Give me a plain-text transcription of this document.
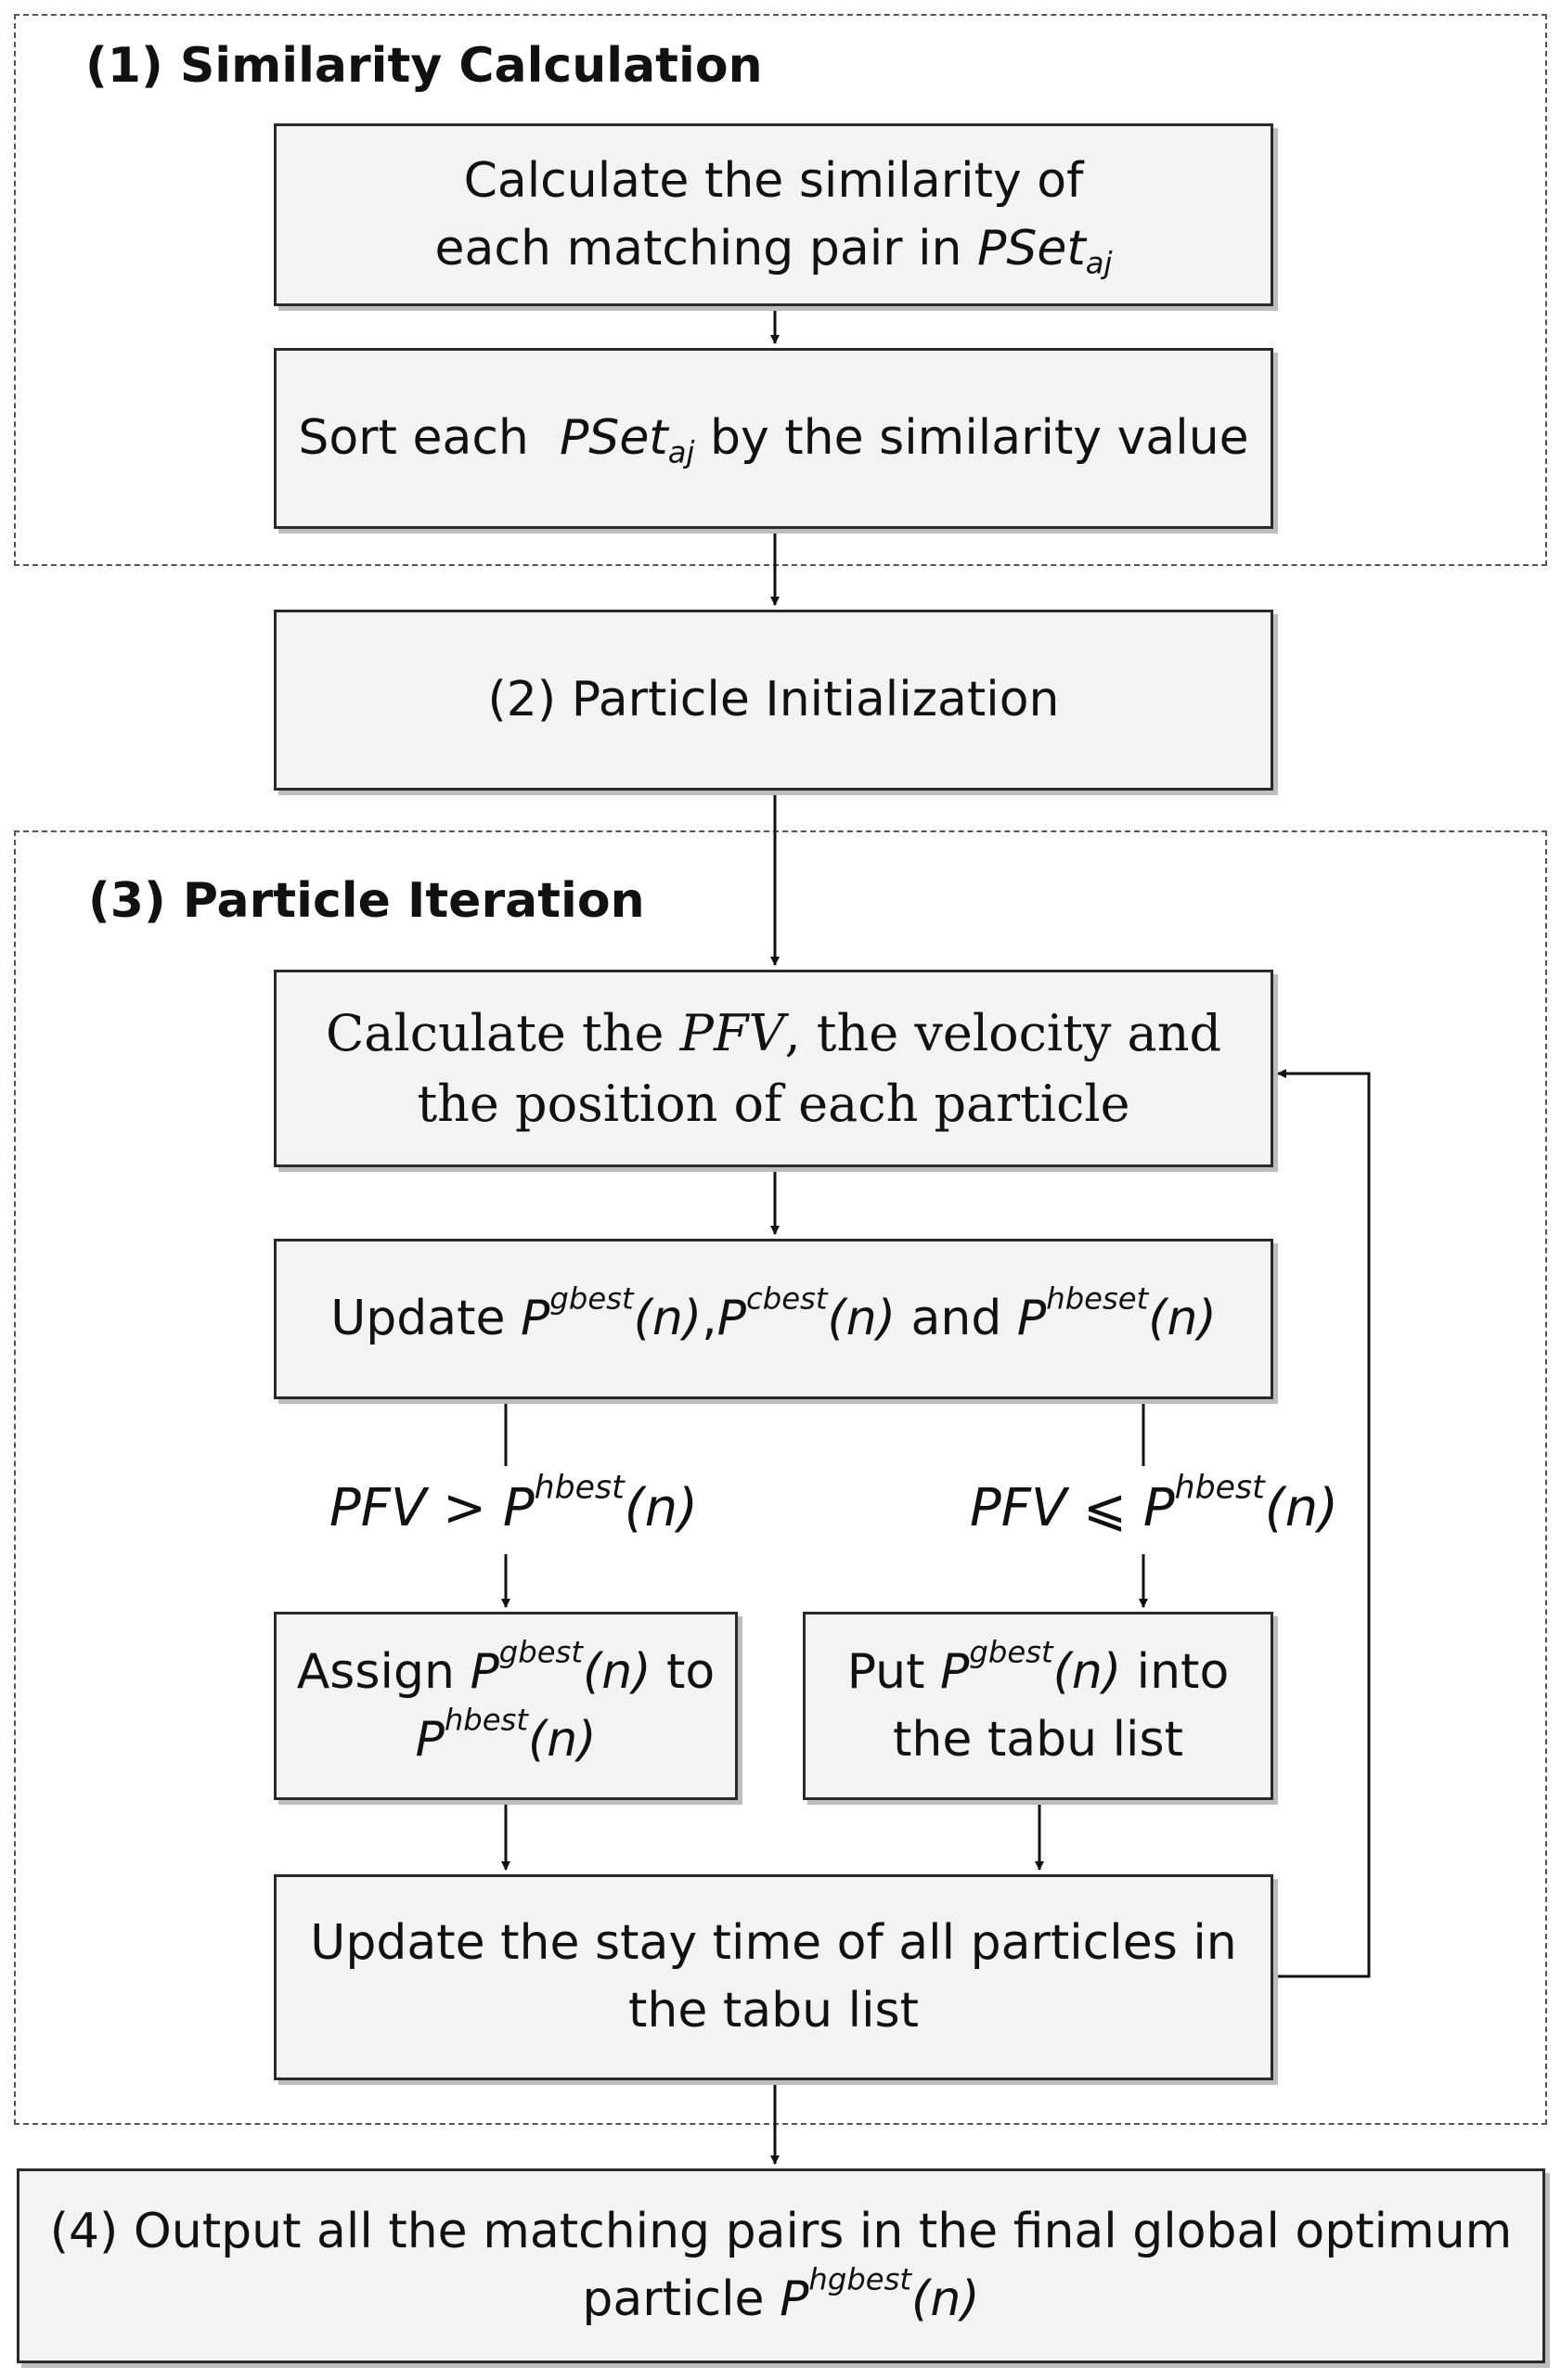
(1) Similarity Calculation
Calculate the similarity of
each matching pair in PSet$_{aj}$
Sort each PSet$_{aj}$ by the similarity value
(2) Particle Initialization
(3) Particle Iteration
Calculate the PFV, the velocity and
the position of each particle
Update $P^{gbest}(n),P^{cbest}(n)$ and $P^{hbeset}(n)$
PFV > $P^{hbest}(n)$	PFV ⩽ $P^{hbest}(n)$
Assign $P^{gbest}(n)$ to
$P^{hbest}(n)$
Put $P^{gbest}(n)$ into
the tabu list
Update the stay time of all particles in
the tabu list
(4) Output all the matching pairs in the final global optimum
particle $P^{hgbest}(n)$
